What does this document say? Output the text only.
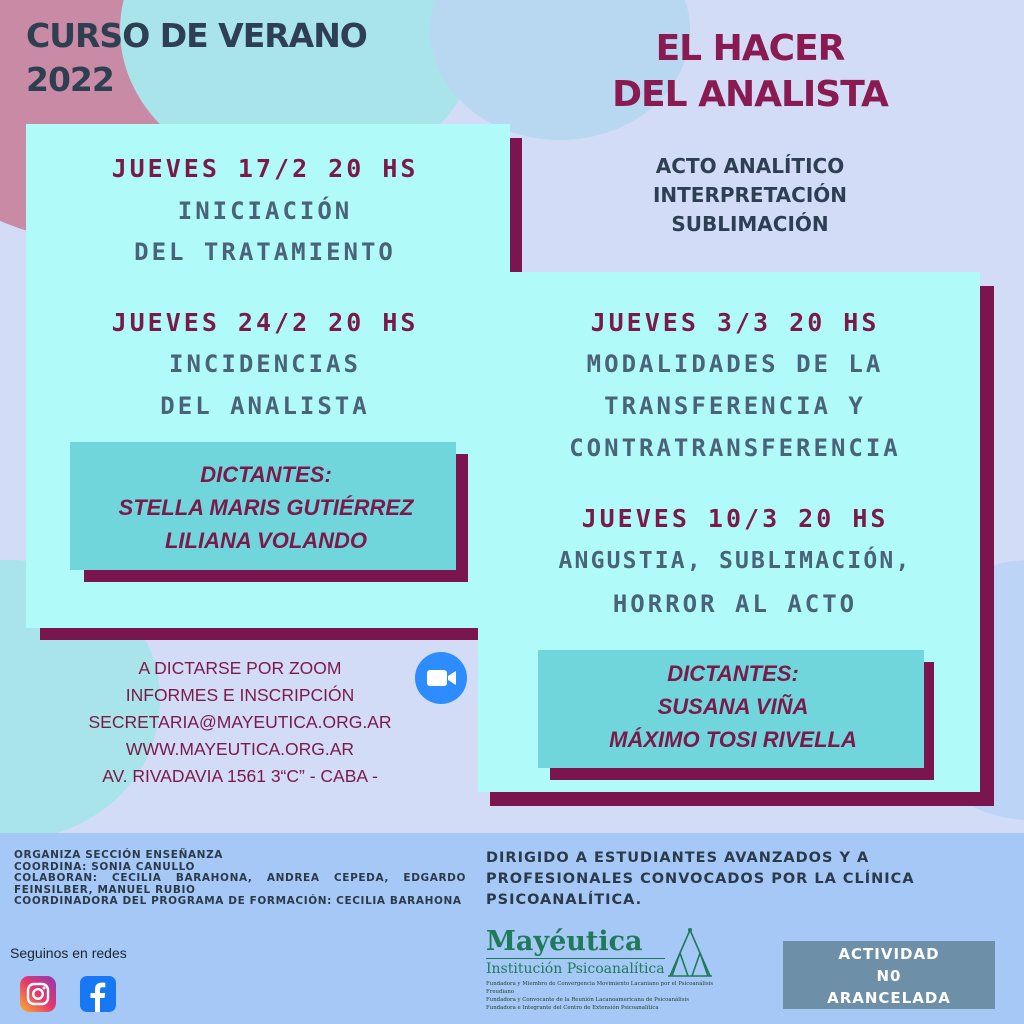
CURSO DE VERANO
2022
EL HACER
DEL ANALISTA
ACTO ANALÍTICO
INTERPRETACIÓN
SUBLIMACIÓN
JUEVES 17/2 20 HS
INICIACIÓN
DEL TRATAMIENTO
JUEVES 24/2 20 HS
INCIDENCIAS
DEL ANALISTA
DICTANTES:
STELLA MARIS GUTIÉRREZ
LILIANA VOLANDO
JUEVES 3/3 20 HS
MODALIDADES DE LA
TRANSFERENCIA Y
CONTRATRANSFERENCIA
JUEVES 10/3 20 HS
ANGUSTIA, SUBLIMACIÓN,
HORROR AL ACTO
DICTANTES:
SUSANA VIÑA
MÁXIMO TOSI RIVELLA
A DICTARSE POR ZOOM
INFORMES E INSCRIPCIÓN
SECRETARIA@MAYEUTICA.ORG.AR
WWW.MAYEUTICA.ORG.AR
AV. RIVADAVIA 1561 3“C” - CABA -
ORGANIZA SECCIÓN ENSEÑANZA
COORDINA: SONIA CANULLO
COLABORAN: CECILIA BARAHONA, ANDREA CEPEDA, EDGARDO FEINSILBER, MANUEL RUBIO
COORDINADORA DEL PROGRAMA DE FORMACIÓN: CECILIA BARAHONA
Seguinos en redes
DIRIGIDO A ESTUDIANTES AVANZADOS Y A PROFESIONALES CONVOCADOS POR LA CLÍNICA PSICOANALÍTICA.
Mayéutica
Institución Psicoanalítica
Fundadora y Miembro de Convergencia Movimiento Lacaniano por el Psicoanálisis Freudiano
Fundadora y Convocante de la Reunión Lacanoamericana de Psicoanálisis
Fundadora e Integrante del Centro de Extensión Psicoanalítica
ACTIVIDAD
N0
ARANCELADA
